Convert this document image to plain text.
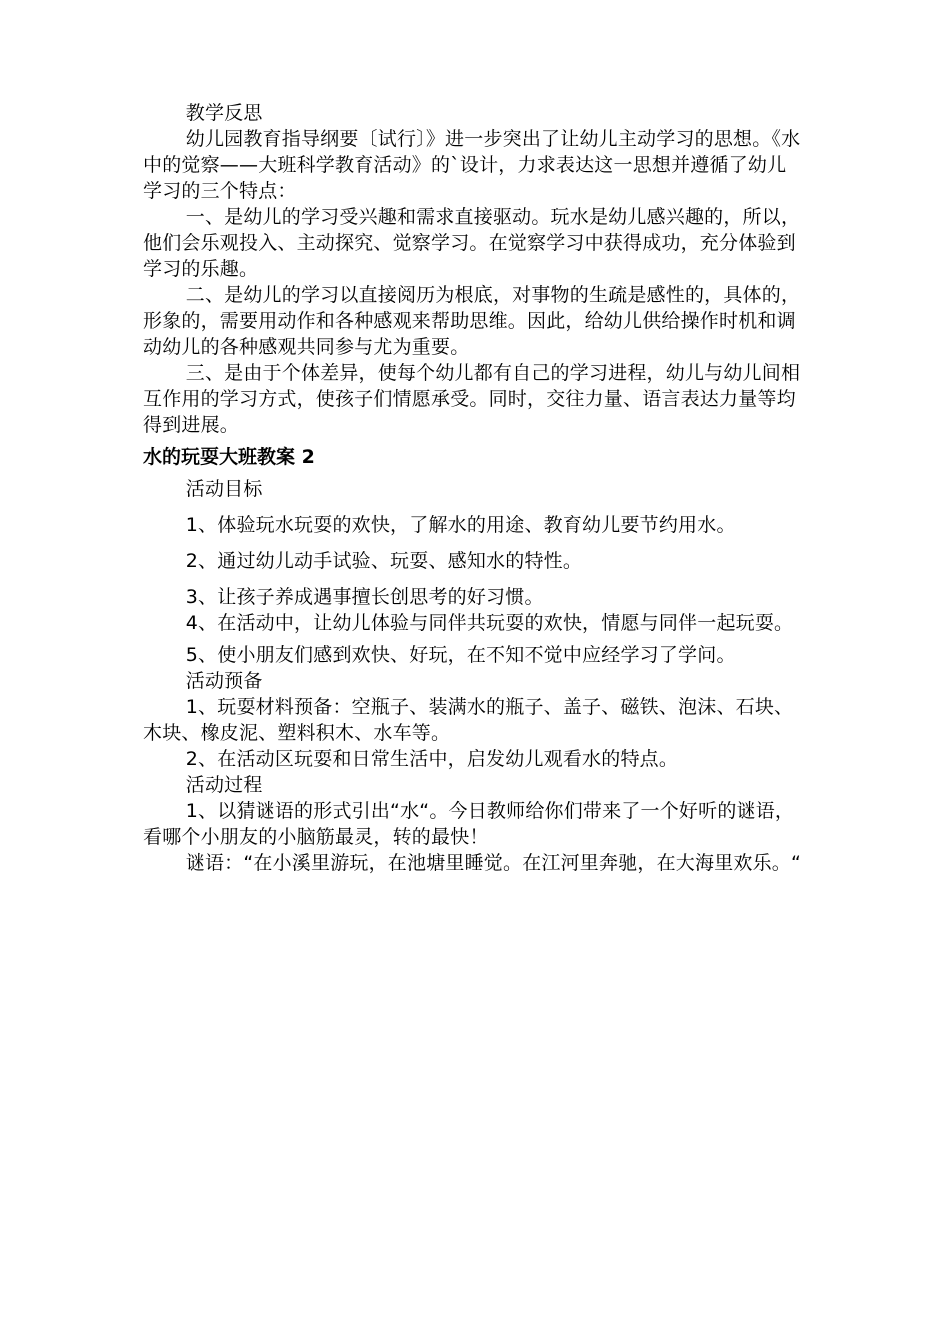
教学反思

幼儿园教育指导纲要〔试行〕》进一步突出了让幼儿主动学习的思想。《水中的觉察——大班科学教育活动》的`设计，力求表达这一思想并遵循了幼儿学习的三个特点：

一、是幼儿的学习受兴趣和需求直接驱动。玩水是幼儿感兴趣的，所以，他们会乐观投入、主动探究、觉察学习。在觉察学习中获得成功，充分体验到学习的乐趣。

二、是幼儿的学习以直接阅历为根底，对事物的生疏是感性的，具体的，形象的，需要用动作和各种感观来帮助思维。因此，给幼儿供给操作时机和调动幼儿的各种感观共同参与尤为重要。

三、是由于个体差异，使每个幼儿都有自己的学习进程，幼儿与幼儿间相互作用的学习方式，使孩子们情愿承受。同时，交往力量、语言表达力量等均得到进展。

水的玩耍大班教案 2

活动目标

1、体验玩水玩耍的欢快，了解水的用途、教育幼儿要节约用水。

2、通过幼儿动手试验、玩耍、感知水的特性。

3、让孩子养成遇事擅长创思考的好习惯。

4、在活动中，让幼儿体验与同伴共玩耍的欢快，情愿与同伴一起玩耍。

5、使小朋友们感到欢快、好玩，在不知不觉中应经学习了学问。

活动预备

1、玩耍材料预备：空瓶子、装满水的瓶子、盖子、磁铁、泡沫、石块、木块、橡皮泥、塑料积木、水车等。

2、在活动区玩耍和日常生活中，启发幼儿观看水的特点。

活动过程

1、以猜谜语的形式引出“水“。今日教师给你们带来了一个好听的谜语，看哪个小朋友的小脑筋最灵，转的最快！

谜语：“在小溪里游玩，在池塘里睡觉。在江河里奔驰，在大海里欢乐。“
